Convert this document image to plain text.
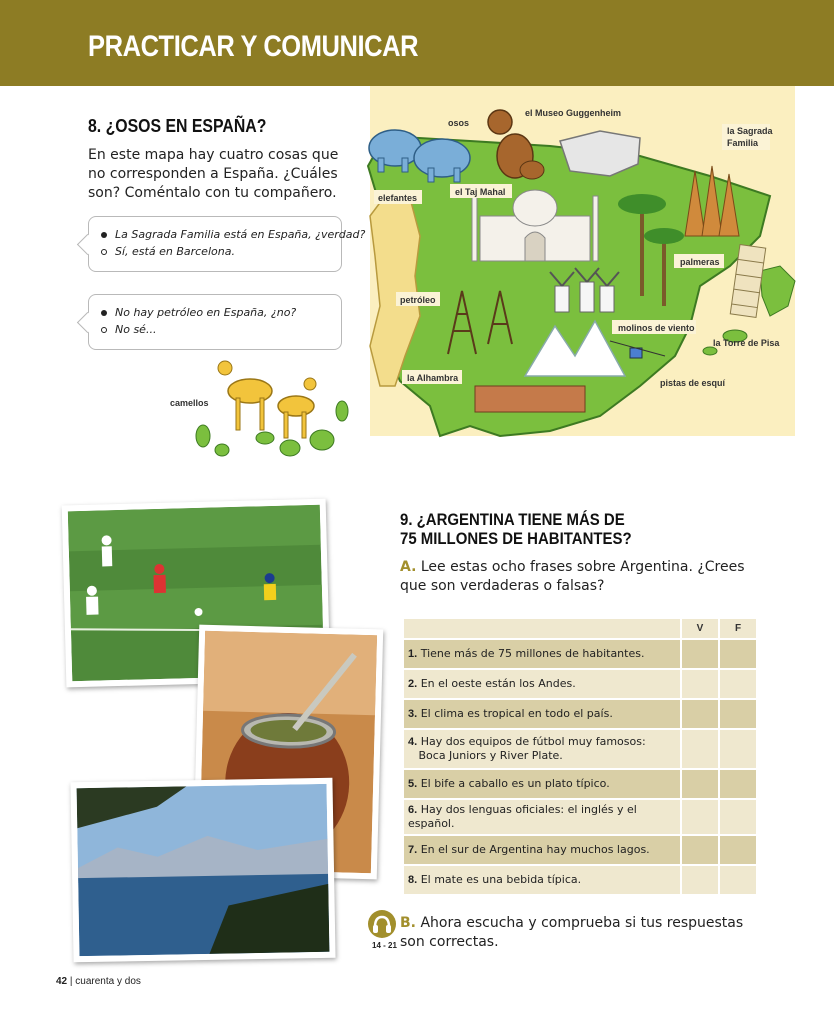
PRACTICAR Y COMUNICAR
8. ¿OSOS EN ESPAÑA?
En este mapa hay cuatro cosas que no corresponden a España. ¿Cuáles son? Coméntalo con tu compañero.
La Sagrada Familia está en España, ¿verdad?
Sí, está en Barcelona.
No hay petróleo en España, ¿no?
No sé...
osos
el Museo Guggenheim
la Sagrada
Familia
elefantes
el Taj Mahal
palmeras
petróleo
molinos de viento
la Torre de Pisa
la Alhambra	pistas de esquí
camellos
9. ¿ARGENTINA TIENE MÁS DE
75 MILLONES DE HABITANTES?
A. Lee estas ocho frases sobre Argentina. ¿Crees que son verdaderas o falsas?
	V	F
1. Tiene más de 75 millones de habitantes.		
2. En el oeste están los Andes.		
3. El clima es tropical en todo el país.		
4. Hay dos equipos de fútbol muy famosos:
Boca Juniors y River Plate.		
5. El bife a caballo es un plato típico.		
6. Hay dos lenguas oficiales: el inglés y el español.		
7. En el sur de Argentina hay muchos lagos.		
8. El mate es una bebida típica.		
14 - 21
B. Ahora escucha y comprueba si tus respuestas son correctas.
42 | cuarenta y dos
